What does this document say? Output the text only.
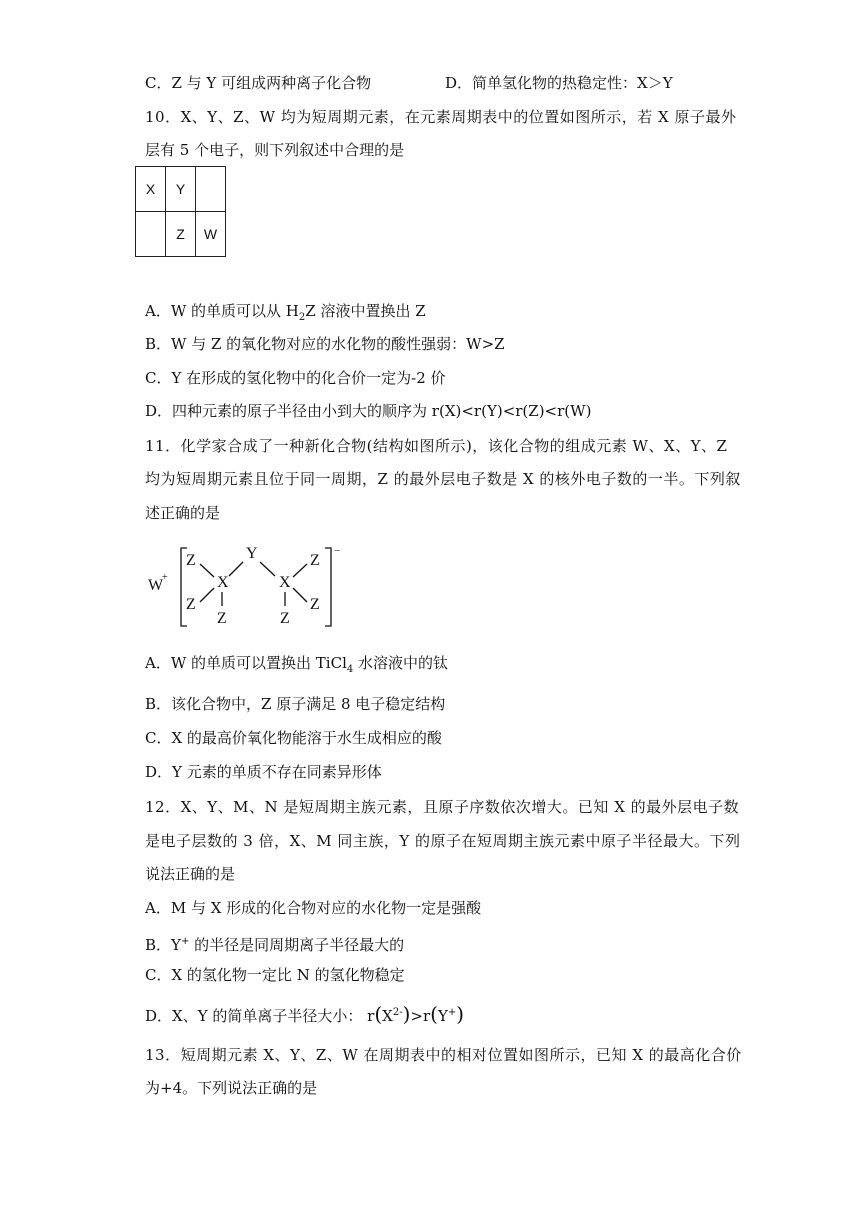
C．Z 与 Y 可组成两种离子化合物	D．简单氢化物的热稳定性：X＞Y
10．X、Y、Z、W 均为短周期元素，在元素周期表中的位置如图所示，若 X 原子最外
层有 5 个电子，则下列叙述中合理的是
X	Y	
	Z	W
A．W 的单质可以从 $H_2Z$ 溶液中置换出 Z
B．W 与 Z 的氧化物对应的水化物的酸性强弱：W>Z
C．Y 在形成的氢化物中的化合价一定为-2 价
D．四种元素的原子半径由小到大的顺序为 r(X)<r(Y)<r(Z)<r(W)
11．化学家合成了一种新化合物(结构如图所示)，该化合物的组成元素 W、X、Y、Z
均为短周期元素且位于同一周期，Z 的最外层电子数是 X 的核外电子数的一半。下列叙
述正确的是
W
+
−
Z
Z
X
Z
Y
X
Z
Z
Z
A．W 的单质可以置换出 TiCl$_4$ 水溶液中的钛
B．该化合物中，Z 原子满足 8 电子稳定结构
C．X 的最高价氧化物能溶于水生成相应的酸
D．Y 元素的单质不存在同素异形体
12．X、Y、M、N 是短周期主族元素，且原子序数依次增大。已知 X 的最外层电子数
是电子层数的 3 倍，X、M 同主族，Y 的原子在短周期主族元素中原子半径最大。下列
说法正确的是
A．M 与 X 形成的化合物对应的水化物一定是强酸
B．Y+ 的半径是同周期离子半径最大的
C．X 的氢化物一定比 N 的氢化物稳定
D．X、Y 的简单离子半径大小： $r(X^{2-})>r(Y^+)$
13．短周期元素 X、Y、Z、W 在周期表中的相对位置如图所示，已知 X 的最高化合价
为+4。下列说法正确的是
